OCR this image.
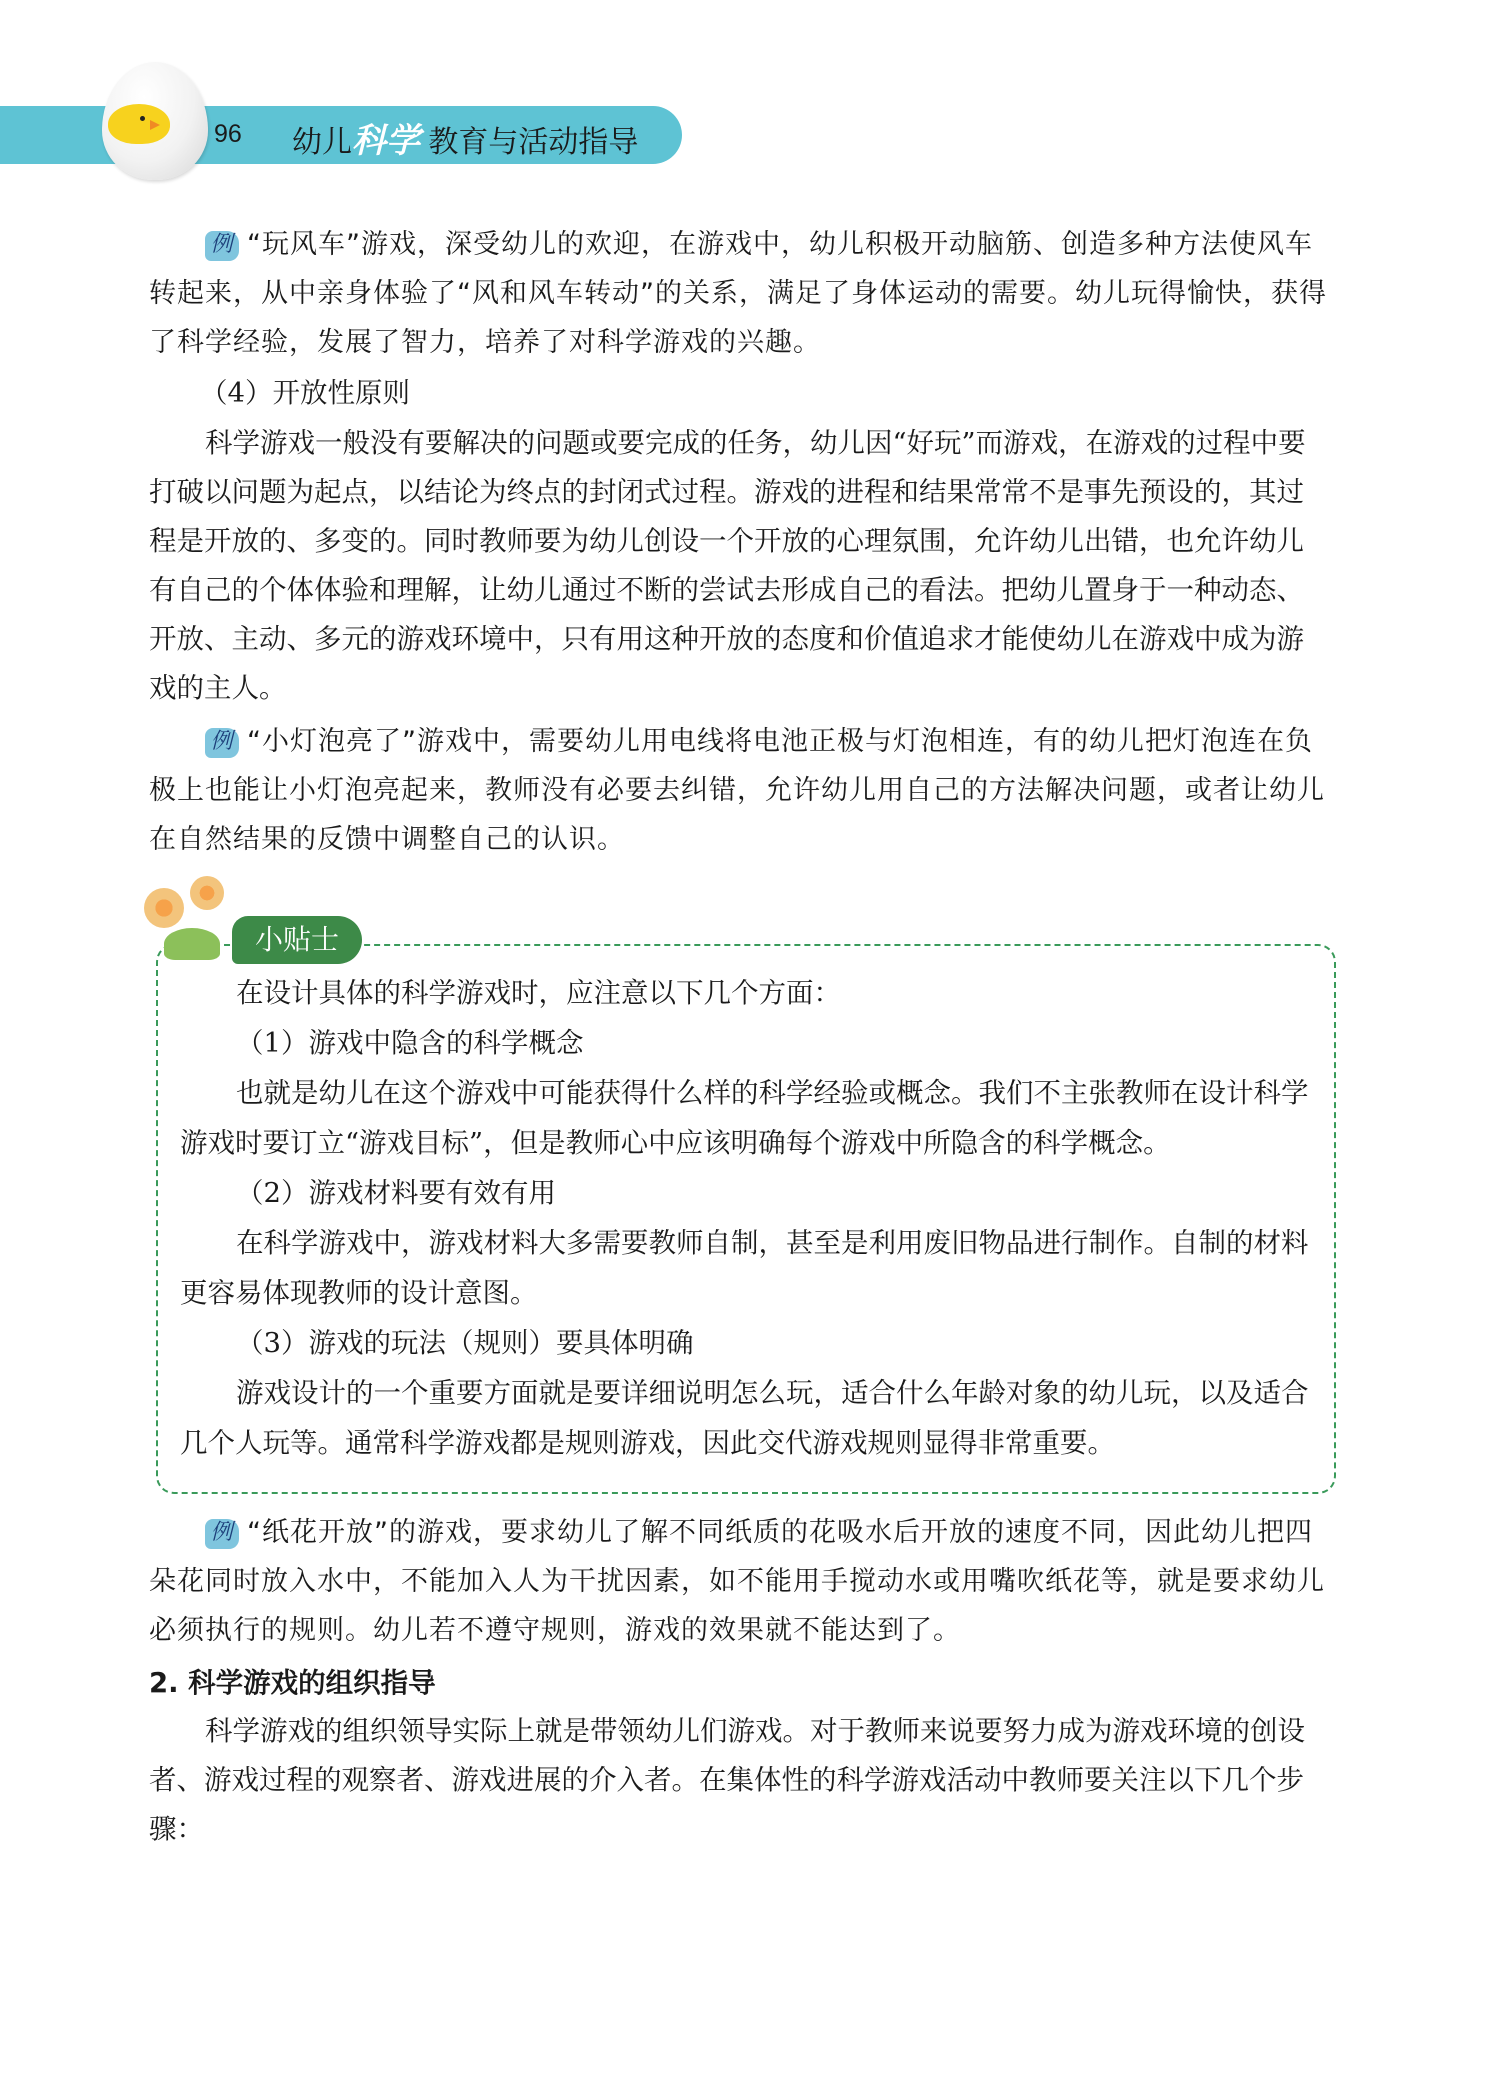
96 幼儿科学 教育与活动指导

例 “玩风车”游戏，深受幼儿的欢迎，在游戏中，幼儿积极开动脑筋、创造多种方法使风车转起来，从中亲身体验了“风和风车转动”的关系，满足了身体运动的需要。幼儿玩得愉快，获得了科学经验，发展了智力，培养了对科学游戏的兴趣。

（4）开放性原则

科学游戏一般没有要解决的问题或要完成的任务，幼儿因“好玩”而游戏，在游戏的过程中要打破以问题为起点，以结论为终点的封闭式过程。游戏的进程和结果常常不是事先预设的，其过程是开放的、多变的。同时教师要为幼儿创设一个开放的心理氛围，允许幼儿出错，也允许幼儿有自己的个体体验和理解，让幼儿通过不断的尝试去形成自己的看法。把幼儿置身于一种动态、开放、主动、多元的游戏环境中，只有用这种开放的态度和价值追求才能使幼儿在游戏中成为游戏的主人。

例 “小灯泡亮了”游戏中，需要幼儿用电线将电池正极与灯泡相连，有的幼儿把灯泡连在负极上也能让小灯泡亮起来，教师没有必要去纠错，允许幼儿用自己的方法解决问题，或者让幼儿在自然结果的反馈中调整自己的认识。

小贴士
在设计具体的科学游戏时，应注意以下几个方面：
（1）游戏中隐含的科学概念
也就是幼儿在这个游戏中可能获得什么样的科学经验或概念。我们不主张教师在设计科学游戏时要订立“游戏目标”，但是教师心中应该明确每个游戏中所隐含的科学概念。
（2）游戏材料要有效有用
在科学游戏中，游戏材料大多需要教师自制，甚至是利用废旧物品进行制作。自制的材料更容易体现教师的设计意图。
（3）游戏的玩法（规则）要具体明确
游戏设计的一个重要方面就是要详细说明怎么玩，适合什么年龄对象的幼儿玩，以及适合几个人玩等。通常科学游戏都是规则游戏，因此交代游戏规则显得非常重要。

例 “纸花开放”的游戏，要求幼儿了解不同纸质的花吸水后开放的速度不同，因此幼儿把四朵花同时放入水中，不能加入人为干扰因素，如不能用手搅动水或用嘴吹纸花等，就是要求幼儿必须执行的规则。幼儿若不遵守规则，游戏的效果就不能达到了。

2. 科学游戏的组织指导

科学游戏的组织领导实际上就是带领幼儿们游戏。对于教师来说要努力成为游戏环境的创设者、游戏过程的观察者、游戏进展的介入者。在集体性的科学游戏活动中教师要关注以下几个步骤：
